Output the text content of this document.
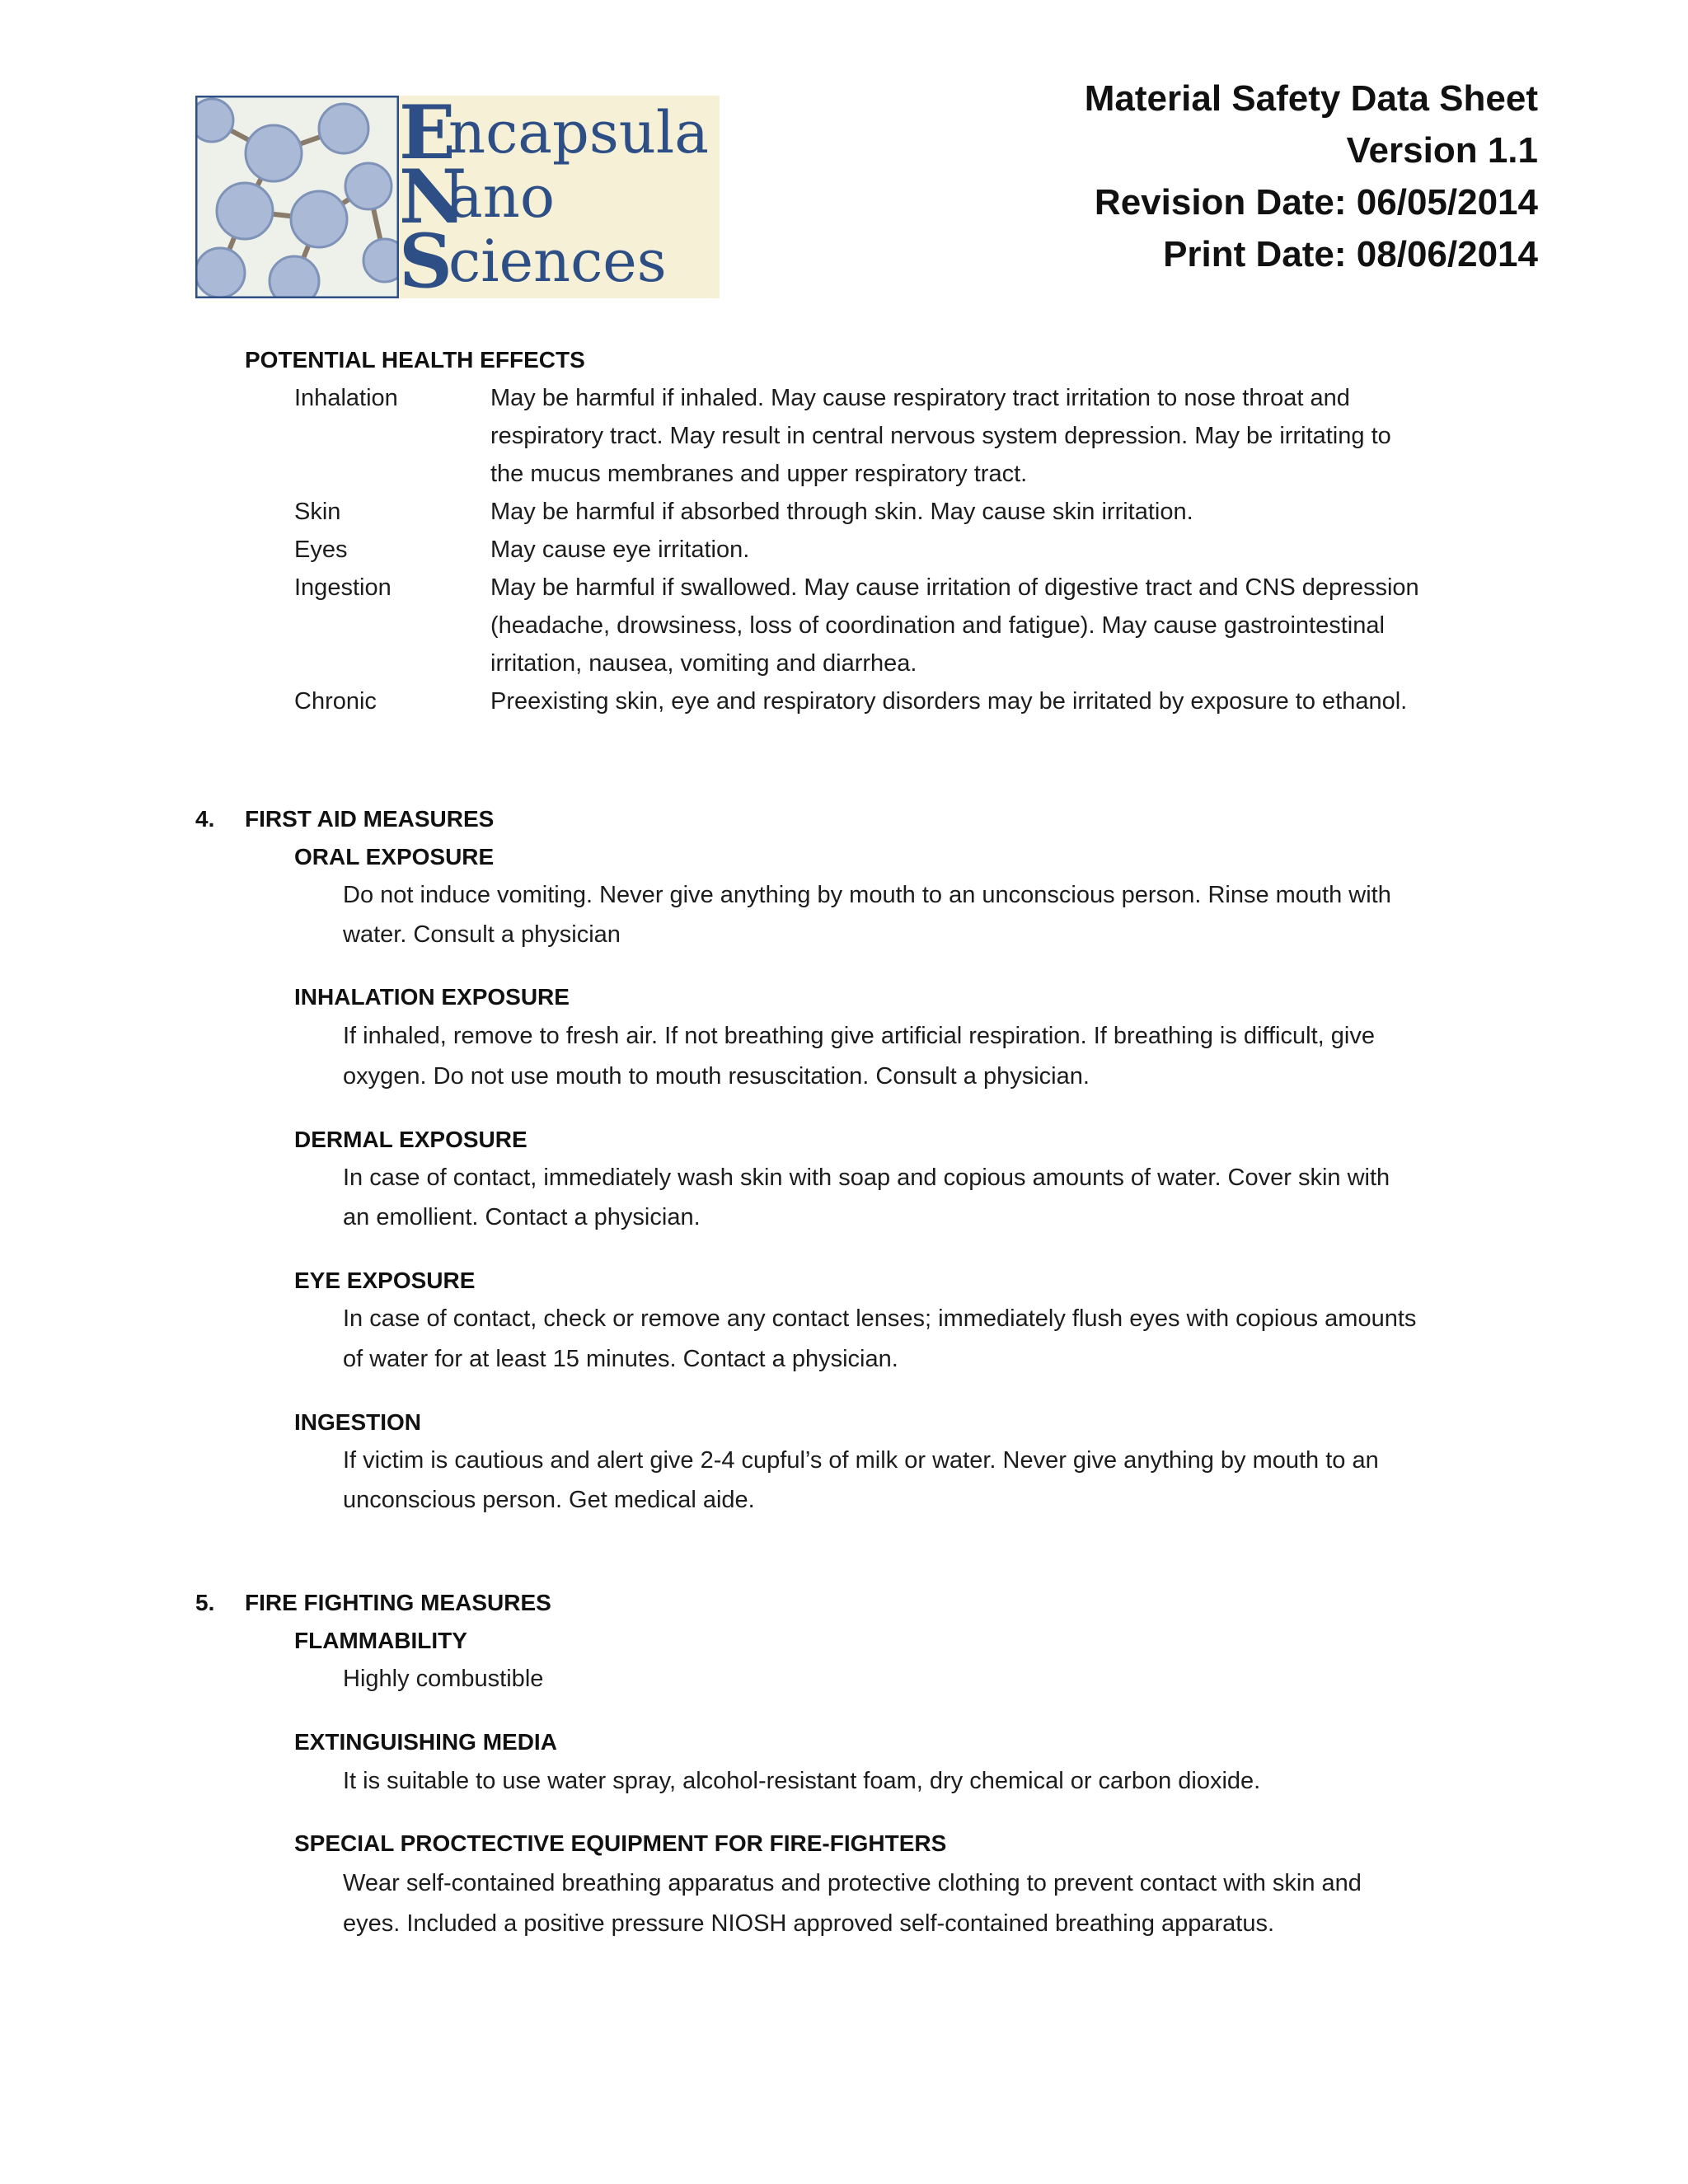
Encapsula
Nano
Sciences
Material Safety Data Sheet
Version 1.1
Revision Date: 06/05/2014
Print Date: 08/06/2014
POTENTIAL HEALTH EFFECTS
Inhalation	May be harmful if inhaled. May cause respiratory tract irritation to nose throat and
respiratory tract. May result in central nervous system depression. May be irritating to
the mucus membranes and upper respiratory tract.
Skin	May be harmful if absorbed through skin. May cause skin irritation.
Eyes	May cause eye irritation.
Ingestion	May be harmful if swallowed. May cause irritation of digestive tract and CNS depression
(headache, drowsiness, loss of coordination and fatigue). May cause gastrointestinal
irritation, nausea, vomiting and diarrhea.
Chronic	Preexisting skin, eye and respiratory disorders may be irritated by exposure to ethanol.
4. FIRST AID MEASURES
ORAL EXPOSURE
Do not induce vomiting. Never give anything by mouth to an unconscious person. Rinse mouth with
water. Consult a physician
INHALATION EXPOSURE
If inhaled, remove to fresh air. If not breathing give artificial respiration. If breathing is difficult, give
oxygen. Do not use mouth to mouth resuscitation. Consult a physician.
DERMAL EXPOSURE
In case of contact, immediately wash skin with soap and copious amounts of water. Cover skin with
an emollient. Contact a physician.
EYE EXPOSURE
In case of contact, check or remove any contact lenses; immediately flush eyes with copious amounts
of water for at least 15 minutes. Contact a physician.
INGESTION
If victim is cautious and alert give 2-4 cupful’s of milk or water. Never give anything by mouth to an
unconscious person. Get medical aide.
5. FIRE FIGHTING MEASURES
FLAMMABILITY
Highly combustible
EXTINGUISHING MEDIA
It is suitable to use water spray, alcohol-resistant foam, dry chemical or carbon dioxide.
SPECIAL PROCTECTIVE EQUIPMENT FOR FIRE-FIGHTERS
Wear self-contained breathing apparatus and protective clothing to prevent contact with skin and
eyes. Included a positive pressure NIOSH approved self-contained breathing apparatus.
